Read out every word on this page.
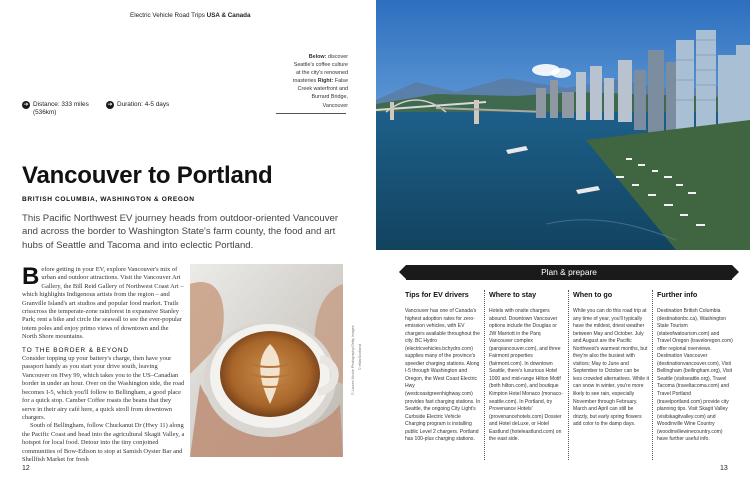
Electric Vehicle Road Trips USA & Canada
Below: discover Seattle's coffee culture at the city's renowned roasteries Right: False Creek waterfront and Burrard Bridge, Vancouver
➔ Distance: 333 miles (536km)
➔ Duration: 4-5 days
Vancouver to Portland
BRITISH COLUMBIA, WASHINGTON & OREGON
This Pacific Northwest EV journey heads from outdoor-oriented Vancouver and across the border to Washington State's farm county, the food and art hubs of Seattle and Tacoma and into eclectic Portland.

Before getting in your EV, explore Vancouver's mix of urban and outdoor attractions. Visit the Vancouver Art Gallery, the Bill Reid Gallery of Northwest Coast Art – which highlights Indigenous artists from the region – and Granville Island's art studios and popular food market. Trails crisscross the temperate-zone rainforest in expansive Stanley Park; rent a bike and circle the seawall to see the ever-popular totem poles and enjoy primo views of downtown and the North Shore mountains.

TO THE BORDER & BEYOND

Consider topping up your battery's charge, then have your passport handy as you start your drive south, leaving Vancouver on Hwy 99, which takes you to the US–Canadian border in under an hour. Over on the Washington side, the road becomes I-5, which you'll follow to Bellingham, a good place for a quick stop. Camber Coffee roasts the beans that they serve in their airy café here, a quick stroll from downtown chargers.

South of Bellingham, follow Chuckanut Dr (Hwy 11) along the Pacific Coast and head into the agricultural Skagit Valley, a hotspot for local food. Detour into the tiny conjoined communities of Bow-Edison to stop at Samish Oyster Bar and Shellfish Market for fresh

© Lauren Nicole Photography/Getty Images © eMarScotland
12
Plan & prepare
Tips for EV drivers
Vancouver has one of Canada's highest adoption rates for zero-emission vehicles, with EV chargers available throughout the city. BC Hydro (electricvehicles.bchydro.com) supplies many of the province's speedier charging stations. Along I-5 through Washington and Oregon, the West Coast Electric Hwy (westcoastgreenhighway.com) provides fast charging stations. In Seattle, the ongoing City Light's Curbside Electric Vehicle Charging program is installing public Level 2 chargers. Portland has 100-plus charging stations.
Where to stay
Hotels with onsite chargers abound. Downtown Vancouver options include the Douglas or JW Marriott in the Parq Vancouver complex (parqvancouver.com), and three Fairmont properties (fairmont.com). In downtown Seattle, there's luxurious Hotel 1000 and mid-range Hilton Motif (both hilton.com), and boutique Kimpton Hotel Monaco (monaco-seattle.com). In Portland, try Provenance Hotels' (provenancehotels.com) Dossier and Hotel deLuxe, or Hotel Eastlund (hoteleastlund.com) on the east side.
When to go
While you can do this road trip at any time of year, you'll typically have the mildest, driest weather between May and October. July and August are the Pacific Northwest's warmest months, but they're also the busiest with visitors; May to June and September to October can be less crowded alternatives. While it can snow in winter, you're more likely to see rain, especially November through February. March and April can still be drizzly, but early spring flowers add color to the damp days.
Further info
Destination British Columbia (destinationbc.ca), Washington State Tourism (stateofwatourism.com) and Travel Oregon (traveloregon.com) offer regional overviews. Destination Vancouver (destinationvancouver.com), Visit Bellingham (bellingham.org), Visit Seattle (visitseattle.org), Travel Tacoma (traveltacoma.com) and Travel Portland (travelportland.com) provide city planning tips. Visit Skagit Valley (visitskagitvalley.com) and Woodinville Wine Country (woodinvillewinecountry.com) have further useful info.
13
